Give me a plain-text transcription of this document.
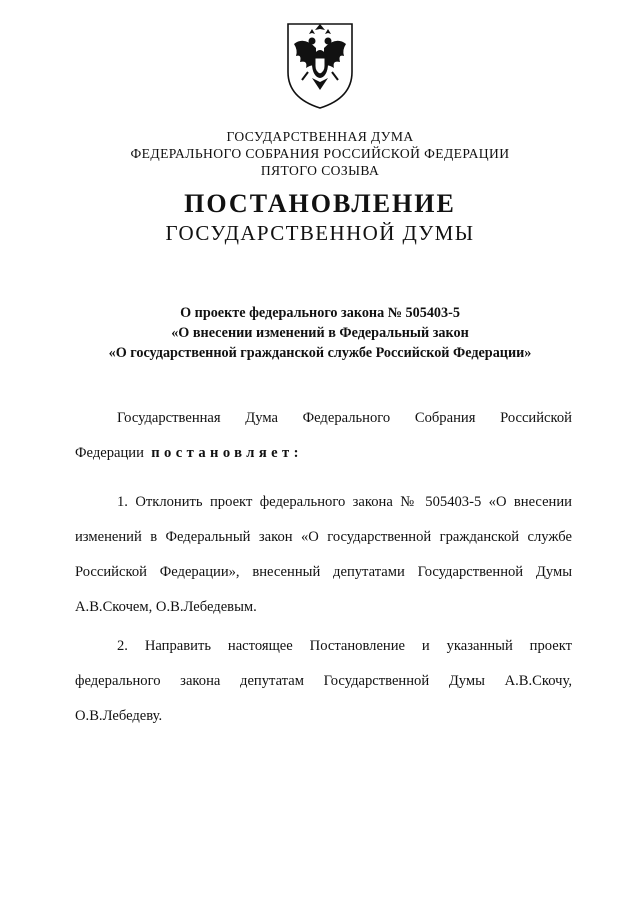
ГОСУДАРСТВЕННАЯ ДУМА
ФЕДЕРАЛЬНОГО СОБРАНИЯ РОССИЙСКОЙ ФЕДЕРАЦИИ
ПЯТОГО СОЗЫВА
ПОСТАНОВЛЕНИЕ
ГОСУДАРСТВЕННОЙ ДУМЫ
О проекте федерального закона № 505403-5
«О внесении изменений в Федеральный закон
«О государственной гражданской службе Российской Федерации»

Государственная Дума Федерального Собрания Российской

Федерации постановляет:

1. Отклонить проект федерального закона № 505403-5 «О внесении

изменений в Федеральный закон «О государственной гражданской службе

Российской Федерации», внесенный депутатами Государственной Думы

А.В.Скочем, О.В.Лебедевым.

2. Направить настоящее Постановление и указанный проект

федерального закона депутатам Государственной Думы А.В.Скочу,

О.В.Лебедеву.
